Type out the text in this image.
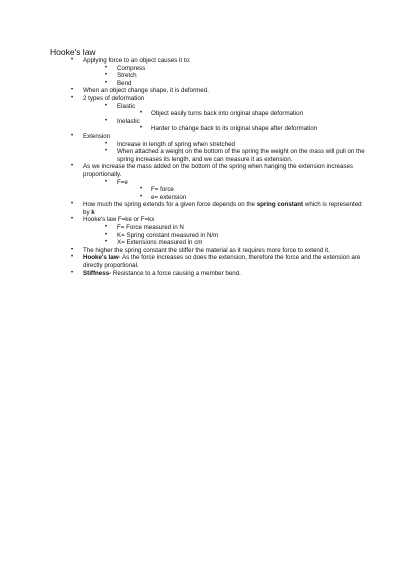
Hooke's law
• Applying force to an object causes it to:
• Compress
• Stretch
• Bend
• When an object change shape, it is deformed.
• 2 types of deformation
• Elastic
• Object easily turns back into original shape deformation
• Inelastic
• Harder to change back to its original shape after deformation
• Extension
• Increase in length of spring when stretched
• When attached a weight on the bottom of the spring the weight on the mass will pull on the spring increases its length, and we can measure it as extension.
• As we increase the mass added on the bottom of the spring when hanging the extension increases proportionally.
• F=e
• F= force
• e= extension
• How much the spring extends for a given force depends on the spring constant which is represented by k
• Hooke's law F=ke or F=kx
• F= Force measured in N
• K= Spring constant measured in N/m
• X= Extensions measured in cm
• The higher the spring constant the stiffer the material as it requires more force to extend it.
• Hooke's law- As the force increases so does the extension, therefore the force and the extension are directly proportional.
• Stiffness- Resistance to a force causing a member bend.
